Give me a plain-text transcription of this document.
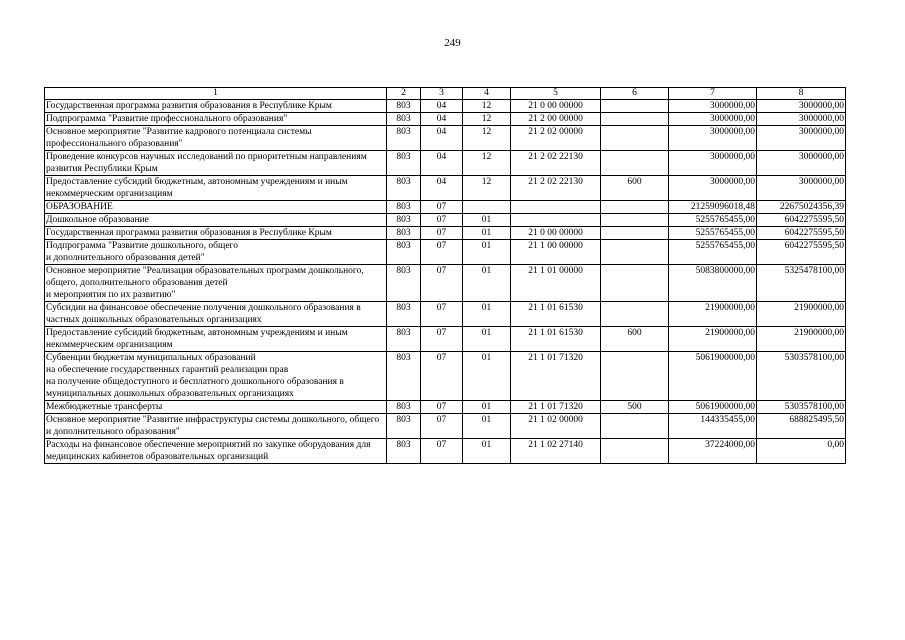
249
1	2	3	4	5	6	7	8
Государственная программа развития образования в Республике Крым	803	04	12	21 0 00 00000		3000000,00	3000000,00
Подпрограмма "Развитие профессионального образования"	803	04	12	21 2 00 00000		3000000,00	3000000,00
Основное мероприятие "Развитие кадрового потенциала системы профессионального образования"	803	04	12	21 2 02 00000		3000000,00	3000000,00
Проведение конкурсов научных исследований по приоритетным направлениям развития Республики Крым	803	04	12	21 2 02 22130		3000000,00	3000000,00
Предоставление субсидий бюджетным, автономным учреждениям и иным некоммерческим организациям	803	04	12	21 2 02 22130	600	3000000,00	3000000,00
ОБРАЗОВАНИЕ	803	07				21259096018,48	22675024356,39
Дошкольное образование	803	07	01			5255765455,00	6042275595,50
Государственная программа развития образования в Республике Крым	803	07	01	21 0 00 00000		5255765455,00	6042275595,50
Подпрограмма "Развитие дошкольного, общего
и дополнительного образования детей"	803	07	01	21 1 00 00000		5255765455,00	6042275595,50
Основное мероприятие "Реализация образовательных программ дошкольного, общего, дополнительного образования детей
и мероприятия по их развитию"	803	07	01	21 1 01 00000		5083800000,00	5325478100,00
Субсидии на финансовое обеспечение получения дошкольного образования в частных дошкольных образовательных организациях	803	07	01	21 1 01 61530		21900000,00	21900000,00
Предоставление субсидий бюджетным, автономным учреждениям и иным некоммерческим организациям	803	07	01	21 1 01 61530	600	21900000,00	21900000,00
Субвенции бюджетам муниципальных образований
на обеспечение государственных гарантий реализации прав
на получение общедоступного и бесплатного дошкольного образования в муниципальных дошкольных образовательных организациях	803	07	01	21 1 01 71320		5061900000,00	5303578100,00
Межбюджетные трансферты	803	07	01	21 1 01 71320	500	5061900000,00	5303578100,00
Основное мероприятие "Развитие инфраструктуры системы дошкольного, общего и дополнительного образования"	803	07	01	21 1 02 00000		144335455,00	688825495,50
Расходы на финансовое обеспечение мероприятий по закупке оборудования для медицинских кабинетов образовательных организаций	803	07	01	21 1 02 27140		37224000,00	0,00
